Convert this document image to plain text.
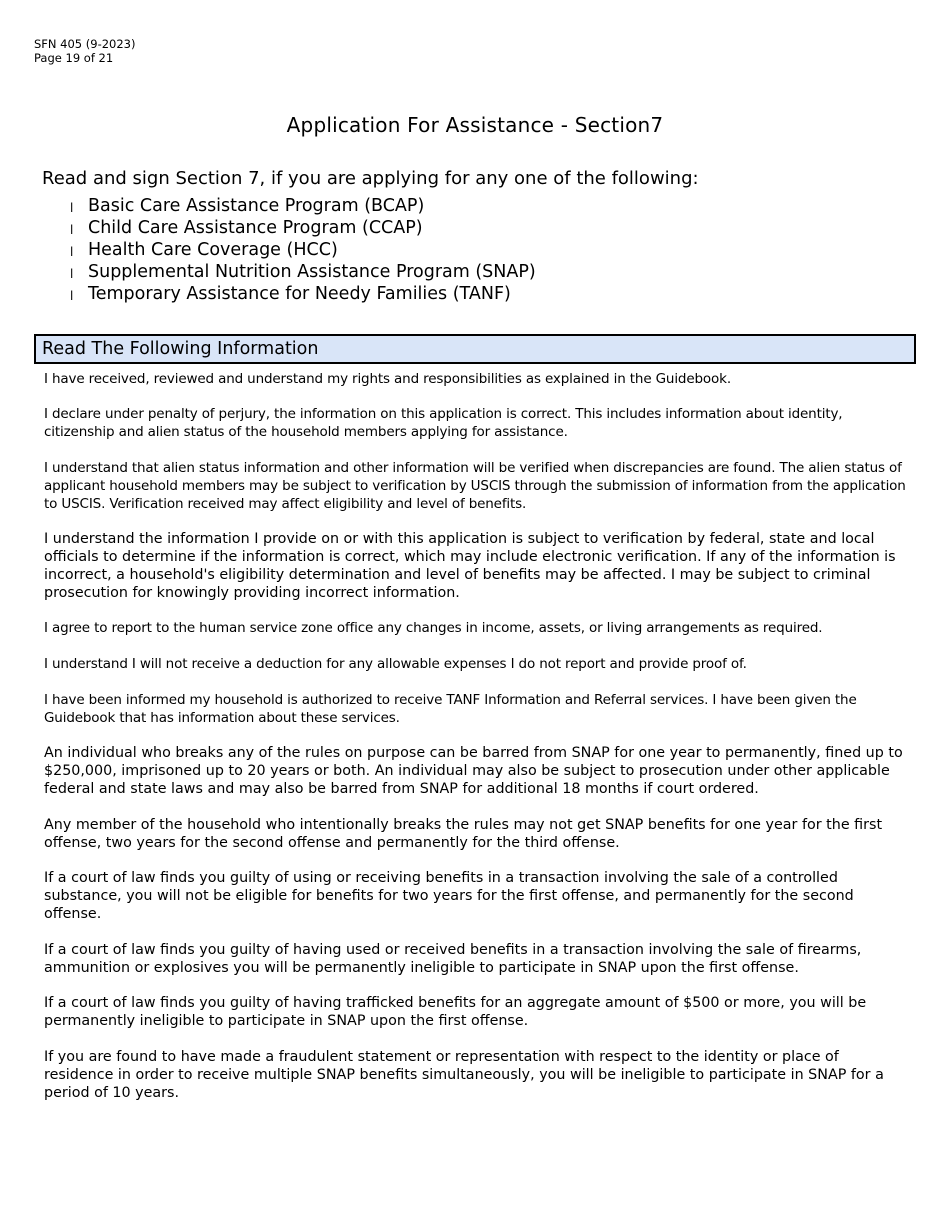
SFN 405 (9-2023)
Page 19 of 21
Application For Assistance - Section7
Read and sign Section 7, if you are applying for any one of the following:
l Basic Care Assistance Program (BCAP)
l Child Care Assistance Program (CCAP)
l Health Care Coverage (HCC)
l Supplemental Nutrition Assistance Program (SNAP)
l Temporary Assistance for Needy Families (TANF)
Read The Following Information

I have received, reviewed and understand my rights and responsibilities as explained in the Guidebook.

I declare under penalty of perjury, the information on this application is correct. This includes information about identity, citizenship and alien status of the household members applying for assistance.

I understand that alien status information and other information will be verified when discrepancies are found. The alien status of applicant household members may be subject to verification by USCIS through the submission of information from the application to USCIS. Verification received may affect eligibility and level of benefits.

I understand the information I provide on or with this application is subject to verification by federal, state and local officials to determine if the information is correct, which may include electronic verification. If any of the information is incorrect, a household's eligibility determination and level of benefits may be affected. I may be subject to criminal prosecution for knowingly providing incorrect information.

I agree to report to the human service zone office any changes in income, assets, or living arrangements as required.

I understand I will not receive a deduction for any allowable expenses I do not report and provide proof of.

I have been informed my household is authorized to receive TANF Information and Referral services. I have been given the Guidebook that has information about these services.

An individual who breaks any of the rules on purpose can be barred from SNAP for one year to permanently, fined up to $250,000, imprisoned up to 20 years or both. An individual may also be subject to prosecution under other applicable federal and state laws and may also be barred from SNAP for additional 18 months if court ordered.

Any member of the household who intentionally breaks the rules may not get SNAP benefits for one year for the first offense, two years for the second offense and permanently for the third offense.

If a court of law finds you guilty of using or receiving benefits in a transaction involving the sale of a controlled substance, you will not be eligible for benefits for two years for the first offense, and permanently for the second offense.

If a court of law finds you guilty of having used or received benefits in a transaction involving the sale of firearms, ammunition or explosives you will be permanently ineligible to participate in SNAP upon the first offense.

If a court of law finds you guilty of having trafficked benefits for an aggregate amount of $500 or more, you will be permanently ineligible to participate in SNAP upon the first offense.

If you are found to have made a fraudulent statement or representation with respect to the identity or place of residence in order to receive multiple SNAP benefits simultaneously, you will be ineligible to participate in SNAP for a period of 10 years.
